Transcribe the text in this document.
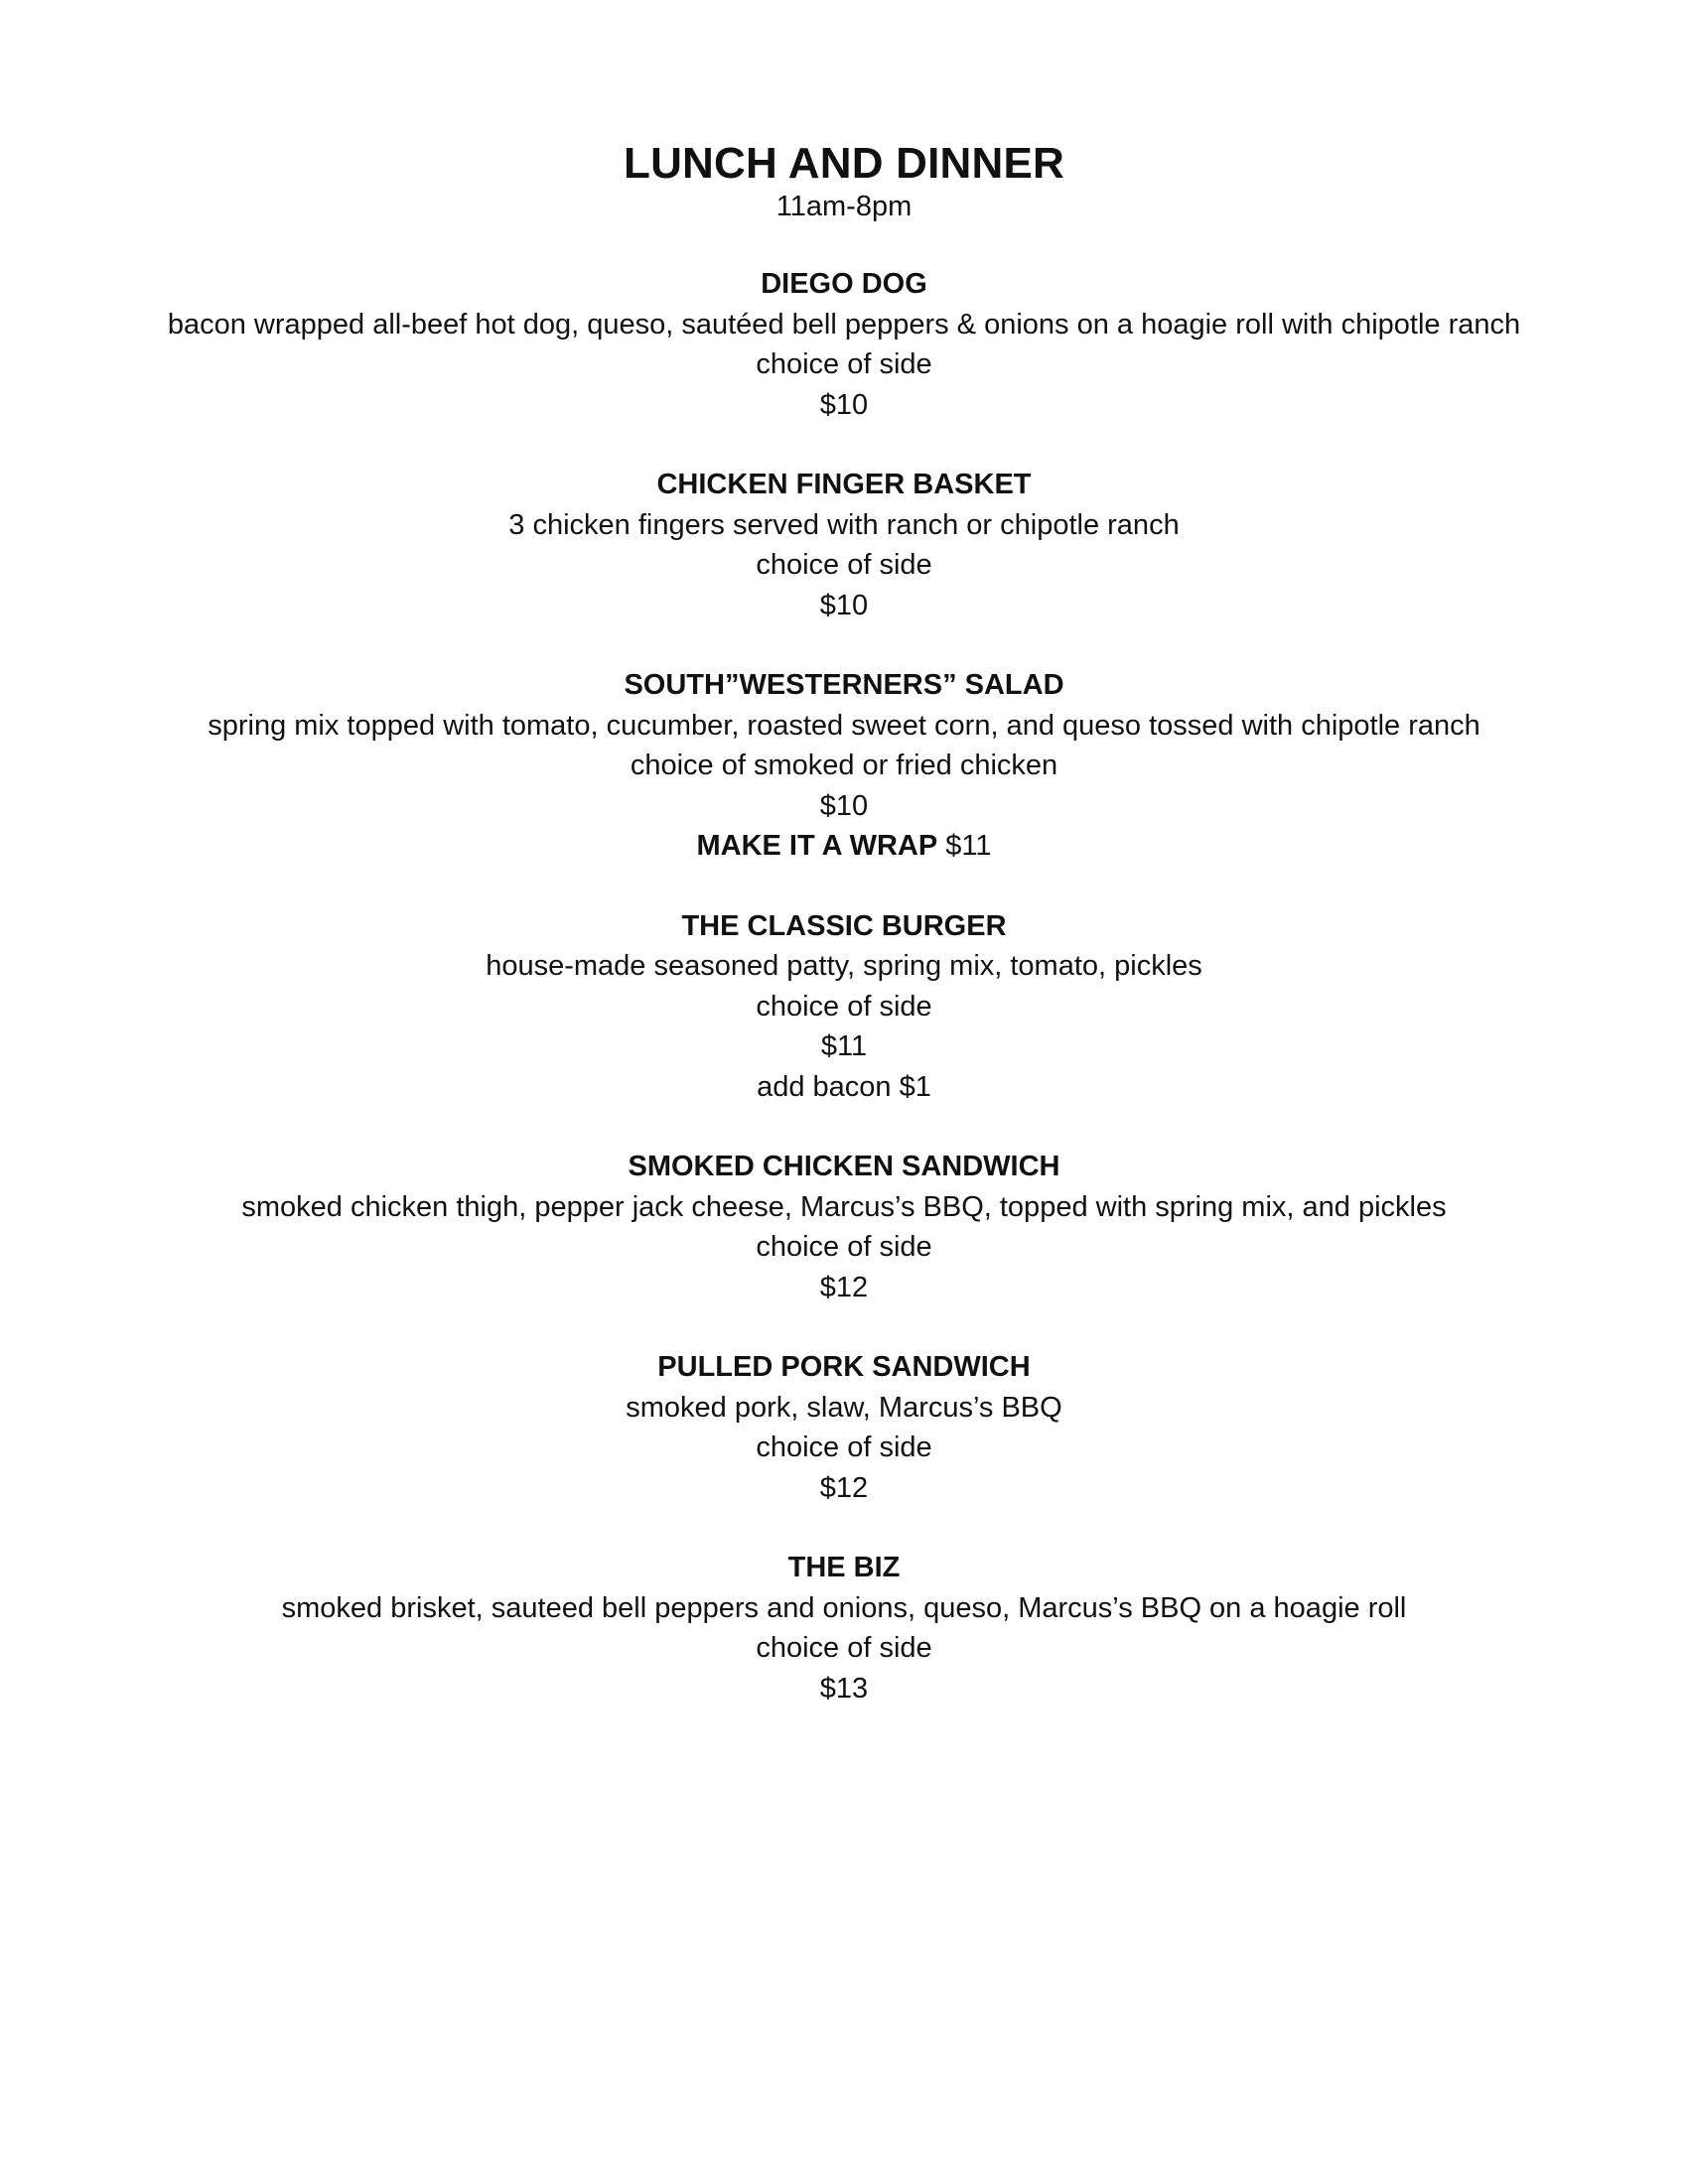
LUNCH AND DINNER

11am-8pm

DIEGO DOG

bacon wrapped all-beef hot dog, queso, sautéed bell peppers & onions on a hoagie roll with chipotle ranch

choice of side

$10

CHICKEN FINGER BASKET

3 chicken fingers served with ranch or chipotle ranch

choice of side

$10

SOUTH”WESTERNERS” SALAD

spring mix topped with tomato, cucumber, roasted sweet corn, and queso tossed with chipotle ranch

choice of smoked or fried chicken

$10

MAKE IT A WRAP $11

THE CLASSIC BURGER

house-made seasoned patty, spring mix, tomato, pickles

choice of side

$11

add bacon $1

SMOKED CHICKEN SANDWICH

smoked chicken thigh, pepper jack cheese, Marcus’s BBQ, topped with spring mix, and pickles

choice of side

$12

PULLED PORK SANDWICH

smoked pork, slaw, Marcus’s BBQ

choice of side

$12

THE BIZ

smoked brisket, sauteed bell peppers and onions, queso, Marcus’s BBQ on a hoagie roll

choice of side

$13
